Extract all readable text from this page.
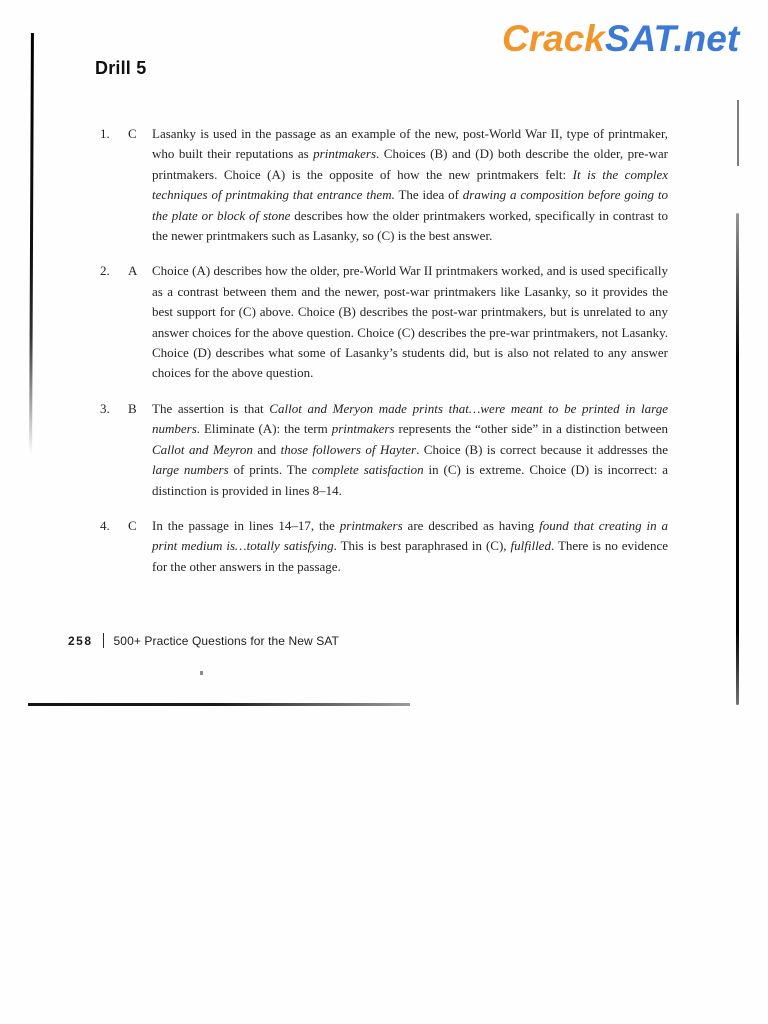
CrackSAT.net
Drill 5
1.	C	Lasanky is used in the passage as an example of the new, post-World War II, type of printmaker, who built their reputations as printmakers. Choices (B) and (D) both describe the older, pre-war printmakers. Choice (A) is the opposite of how the new printmakers felt: It is the complex techniques of printmaking that entrance them. The idea of drawing a composition before going to the plate or block of stone describes how the older printmakers worked, specifically in contrast to the newer printmakers such as Lasanky, so (C) is the best answer.

2.	A	Choice (A) describes how the older, pre-World War II printmakers worked, and is used specifically as a contrast between them and the newer, post-war printmakers like Lasanky, so it provides the best support for (C) above. Choice (B) describes the post-war printmakers, but is unrelated to any answer choices for the above question. Choice (C) describes the pre-war printmakers, not Lasanky. Choice (D) describes what some of Lasanky’s students did, but is also not related to any answer choices for the above question.

3.	B	The assertion is that Callot and Meryon made prints that…were meant to be printed in large numbers. Eliminate (A): the term printmakers represents the “other side” in a distinction between Callot and Meyron and those followers of Hayter. Choice (B) is correct because it addresses the large numbers of prints. The complete satisfaction in (C) is extreme. Choice (D) is incorrect: a distinction is provided in lines 8–14.

4.	C	In the passage in lines 14–17, the printmakers are described as having found that creating in a print medium is…totally satisfying. This is best paraphrased in (C), fulfilled. There is no evidence for the other answers in the passage.

258 500+ Practice Questions for the New SAT
